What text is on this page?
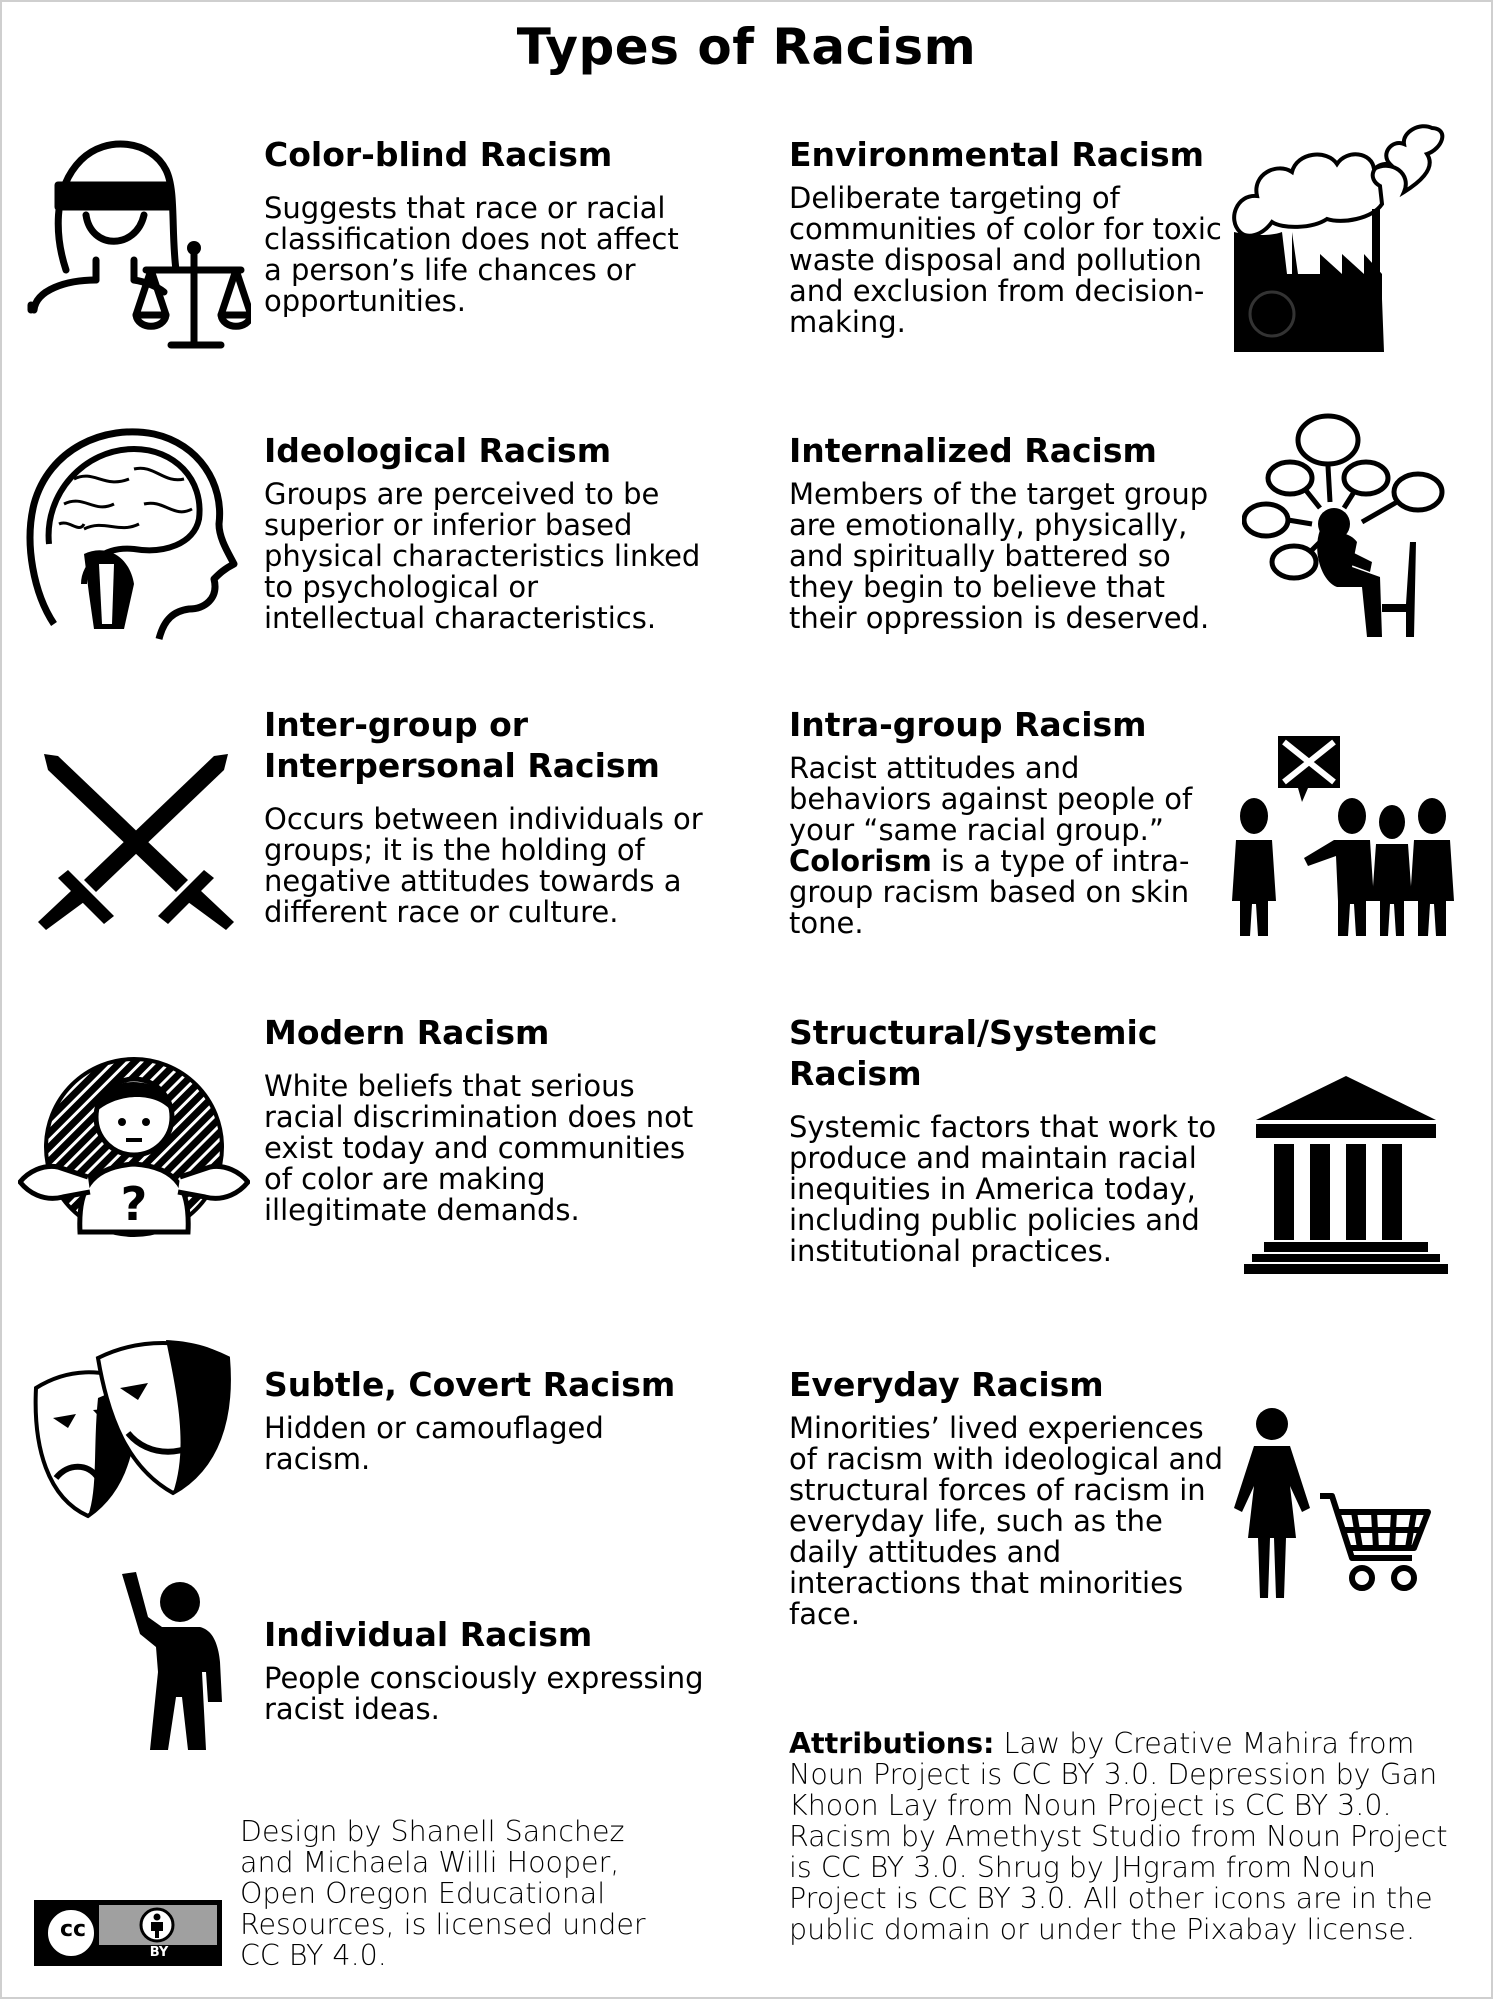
Types of Racism
Color-blind Racism

Suggests that race or racial classification does not affect a person’s life chances or opportunities.

Ideological Racism

Groups are perceived to be superior or inferior based physical characteristics linked to psychological or intellectual characteristics.

Inter-group or Interpersonal Racism

Occurs between individuals or groups; it is the holding of negative attitudes towards a different race or culture.

Modern Racism

White beliefs that serious racial discrimination does not exist today and communities of color are making illegitimate demands.

?
Subtle, Covert Racism

Hidden or camouflaged racism.

Individual Racism

People consciously expressing racist ideas.

Environmental Racism

Deliberate targeting of communities of color for toxic waste disposal and pollution and exclusion from decision-making.

Internalized Racism

Members of the target group are emotionally, physically, and spiritually battered so they begin to believe that their oppression is deserved.

Intra-group Racism

Racist attitudes and behaviors against people of your “same racial group.”
Colorism is a type of intra-group racism based on skin tone.

Structural/Systemic Racism

Systemic factors that work to produce and maintain racial inequities in America today, including public policies and institutional practices.

Everyday Racism

Minorities’ lived experiences of racism with ideological and structural forces of racism in everyday life, such as the daily attitudes and interactions that minorities face.

Design by Shanell Sanchez and Michaela Willi Hooper, Open Oregon Educational Resources, is licensed under CC BY 4.0.
cc
BY
Attributions: Law by Creative Mahira from Noun Project is CC BY 3.0. Depression by Gan Khoon Lay from Noun Project is CC BY 3.0. Racism by Amethyst Studio from Noun Project is CC BY 3.0. Shrug by JHgram from Noun Project is CC BY 3.0. All other icons are in the public domain or under the Pixabay license.
